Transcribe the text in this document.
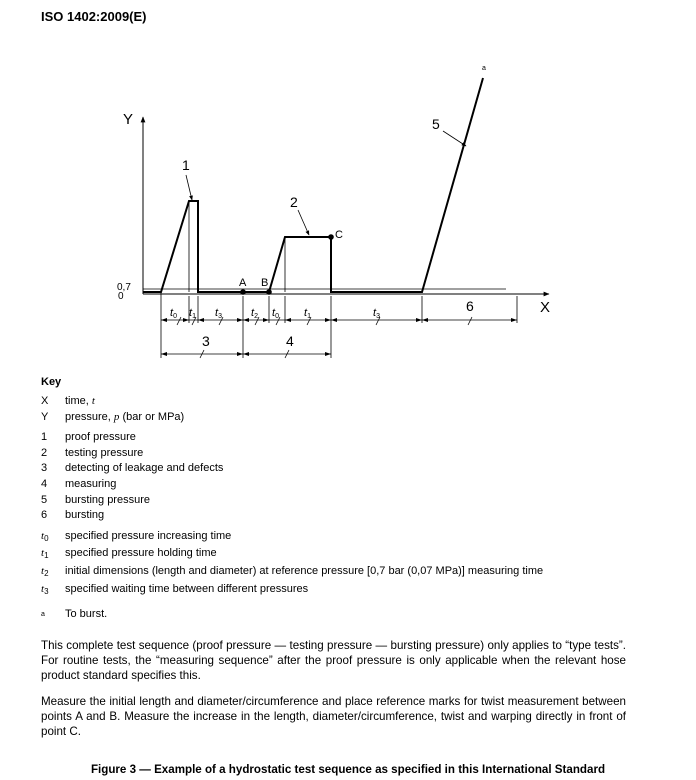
ISO 1402:2009(E)
Y
X
0,7
0
A B
C
1
2
5
a
t0 t1 t3	t2 t0 t1	t3
6
3	4
Key
X	time, t
Y	pressure, p (bar or MPa)
1	proof pressure
2	testing pressure
3	detecting of leakage and defects
4	measuring
5	bursting pressure
6	bursting
$t_0$	specified pressure increasing time
$t_1$	specified pressure holding time
$t_2$	initial dimensions (length and diameter) at reference pressure [0,7 bar (0,07 MPa)] measuring time
$t_3$	specified waiting time between different pressures
$^a$	To burst.
This complete test sequence (proof pressure — testing pressure — bursting pressure) only applies to “type tests”. For routine tests, the “measuring sequence” after the proof pressure is only applicable when the relevant hose product standard specifies this.
Measure the initial length and diameter/circumference and place reference marks for twist measurement between points A and B. Measure the increase in the length, diameter/circumference, twist and warping directly in front of point C.
Figure 3 — Example of a hydrostatic test sequence as specified in this International Standard
